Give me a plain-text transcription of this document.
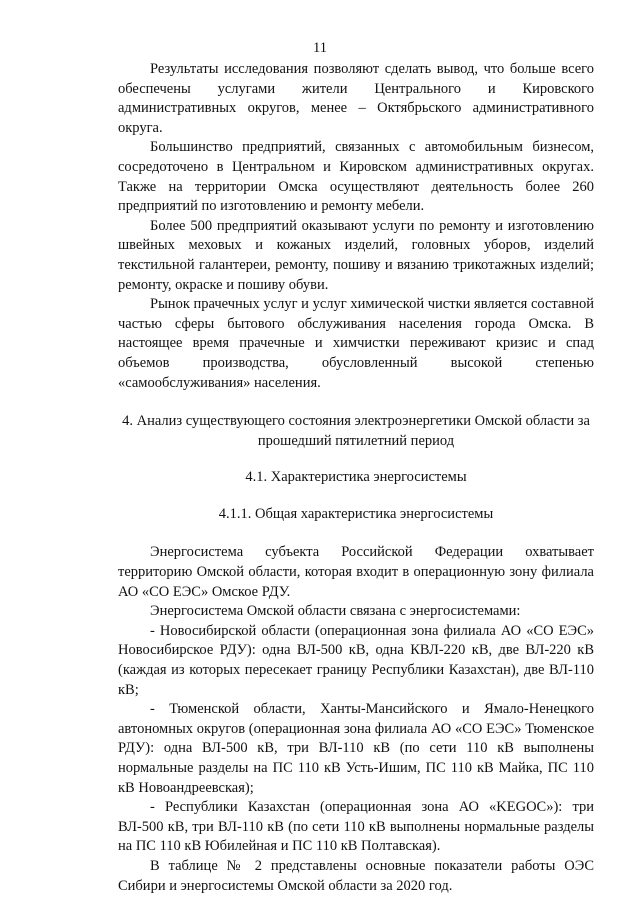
11

Результаты исследования позволяют сделать вывод, что больше всего обеспечены услугами жители Центрального и Кировского административных округов, менее – Октябрьского административного округа.

Большинство предприятий, связанных с автомобильным бизнесом, сосредоточено в Центральном и Кировском административных округах. Также на территории Омска осуществляют деятельность более 260 предприятий по изготовлению и ремонту мебели.

Более 500 предприятий оказывают услуги по ремонту и изготовлению швейных меховых и кожаных изделий, головных уборов, изделий текстильной галантереи, ремонту, пошиву и вязанию трикотажных изделий; ремонту, окраске и пошиву обуви.

Рынок прачечных услуг и услуг химической чистки является составной частью сферы бытового обслуживания населения города Омска. В настоящее время прачечные и химчистки переживают кризис и спад объемов производства, обусловленный высокой степенью «самообслуживания» населения.

4. Анализ существующего состояния электроэнергетики Омской области за прошедший пятилетний период

4.1. Характеристика энергосистемы

4.1.1. Общая характеристика энергосистемы

Энергосистема субъекта Российской Федерации охватывает территорию Омской области, которая входит в операционную зону филиала АО «СО ЕЭС» Омское РДУ.

Энергосистема Омской области связана с энергосистемами:

- Новосибирской области (операционная зона филиала АО «СО ЕЭС» Новосибирское РДУ): одна ВЛ-500 кВ, одна КВЛ-220 кВ, две ВЛ-220 кВ (каждая из которых пересекает границу Республики Казахстан), две ВЛ-110 кВ;

- Тюменской области, Ханты-Мансийского и Ямало-Ненецкого автономных округов (операционная зона филиала АО «СО ЕЭС» Тюменское РДУ): одна ВЛ-500 кВ, три ВЛ-110 кВ (по сети 110 кВ выполнены нормальные разделы на ПС 110 кВ Усть-Ишим, ПС 110 кВ Майка, ПС 110 кВ Новоандреевская);

- Республики Казахстан (операционная зона АО «KEGOC»): три ВЛ-500 кВ, три ВЛ-110 кВ (по сети 110 кВ выполнены нормальные разделы на ПС 110 кВ Юбилейная и ПС 110 кВ Полтавская).

В таблице № 2 представлены основные показатели работы ОЭС Сибири и энергосистемы Омской области за 2020 год.
